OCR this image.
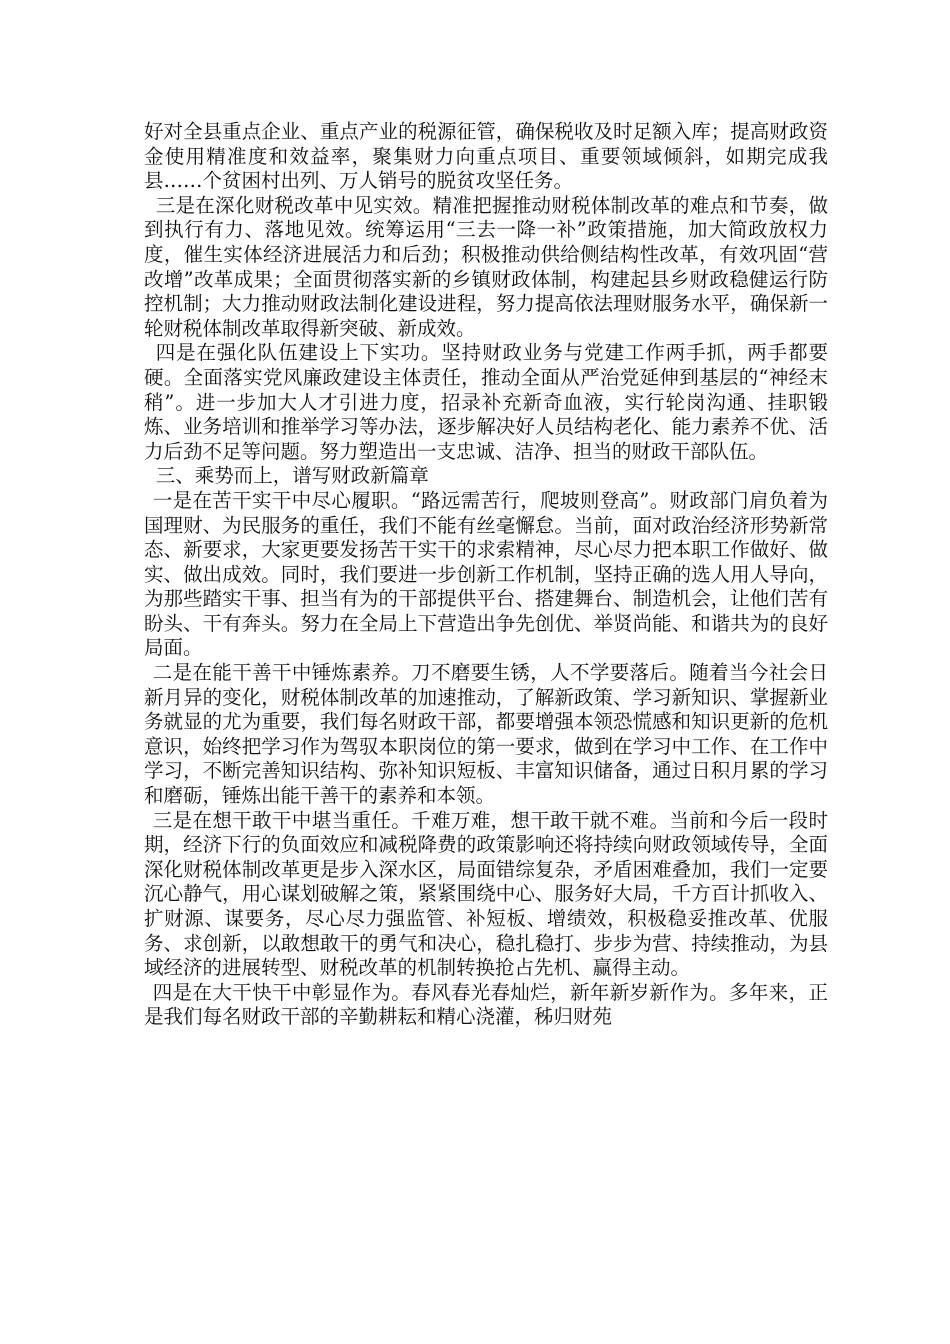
好对全县重点企业、重点产业的税源征管，确保税收及时足额入库；提高财政资金使用精准度和效益率，聚集财力向重点项目、重要领域倾斜，如期完成我县……个贫困村出列、万人销号的脱贫攻坚任务。

三是在深化财税改革中见实效。精准把握推动财税体制改革的难点和节奏，做到执行有力、落地见效。统筹运用“三去一降一补”政策措施，加大简政放权力度，催生实体经济进展活力和后劲；积极推动供给侧结构性改革，有效巩固“营改增”改革成果；全面贯彻落实新的乡镇财政体制，构建起县乡财政稳健运行防控机制；大力推动财政法制化建设进程，努力提高依法理财服务水平，确保新一轮财税体制改革取得新突破、新成效。

四是在强化队伍建设上下实功。坚持财政业务与党建工作两手抓，两手都要硬。全面落实党风廉政建设主体责任，推动全面从严治党延伸到基层的“神经末稍”。进一步加大人才引进力度，招录补充新奇血液，实行轮岗沟通、挂职锻炼、业务培训和推举学习等办法，逐步解决好人员结构老化、能力素养不优、活力后劲不足等问题。努力塑造出一支忠诚、洁净、担当的财政干部队伍。

三、乘势而上，谱写财政新篇章

一是在苦干实干中尽心履职。“路远需苦行，爬坡则登高”。财政部门肩负着为国理财、为民服务的重任，我们不能有丝毫懈怠。当前，面对政治经济形势新常态、新要求，大家更要发扬苦干实干的求索精神，尽心尽力把本职工作做好、做实、做出成效。同时，我们要进一步创新工作机制，坚持正确的选人用人导向，为那些踏实干事、担当有为的干部提供平台、搭建舞台、制造机会，让他们苦有盼头、干有奔头。努力在全局上下营造出争先创优、举贤尚能、和谐共为的良好局面。

二是在能干善干中锤炼素养。刀不磨要生锈，人不学要落后。随着当今社会日新月异的变化，财税体制改革的加速推动，了解新政策、学习新知识、掌握新业务就显的尤为重要，我们每名财政干部，都要增强本领恐慌感和知识更新的危机意识，始终把学习作为驾驭本职岗位的第一要求，做到在学习中工作、在工作中学习，不断完善知识结构、弥补知识短板、丰富知识储备，通过日积月累的学习和磨砺，锤炼出能干善干的素养和本领。

三是在想干敢干中堪当重任。千难万难，想干敢干就不难。当前和今后一段时期，经济下行的负面效应和减税降费的政策影响还将持续向财政领域传导，全面深化财税体制改革更是步入深水区，局面错综复杂，矛盾困难叠加，我们一定要沉心静气，用心谋划破解之策，紧紧围绕中心、服务好大局，千方百计抓收入、扩财源、谋要务，尽心尽力强监管、补短板、增绩效，积极稳妥推改革、优服务、求创新，以敢想敢干的勇气和决心，稳扎稳打、步步为营、持续推动，为县域经济的进展转型、财税改革的机制转换抢占先机、赢得主动。

四是在大干快干中彰显作为。春风春光春灿烂，新年新岁新作为。多年来，正是我们每名财政干部的辛勤耕耘和精心浇灌，秭归财苑
